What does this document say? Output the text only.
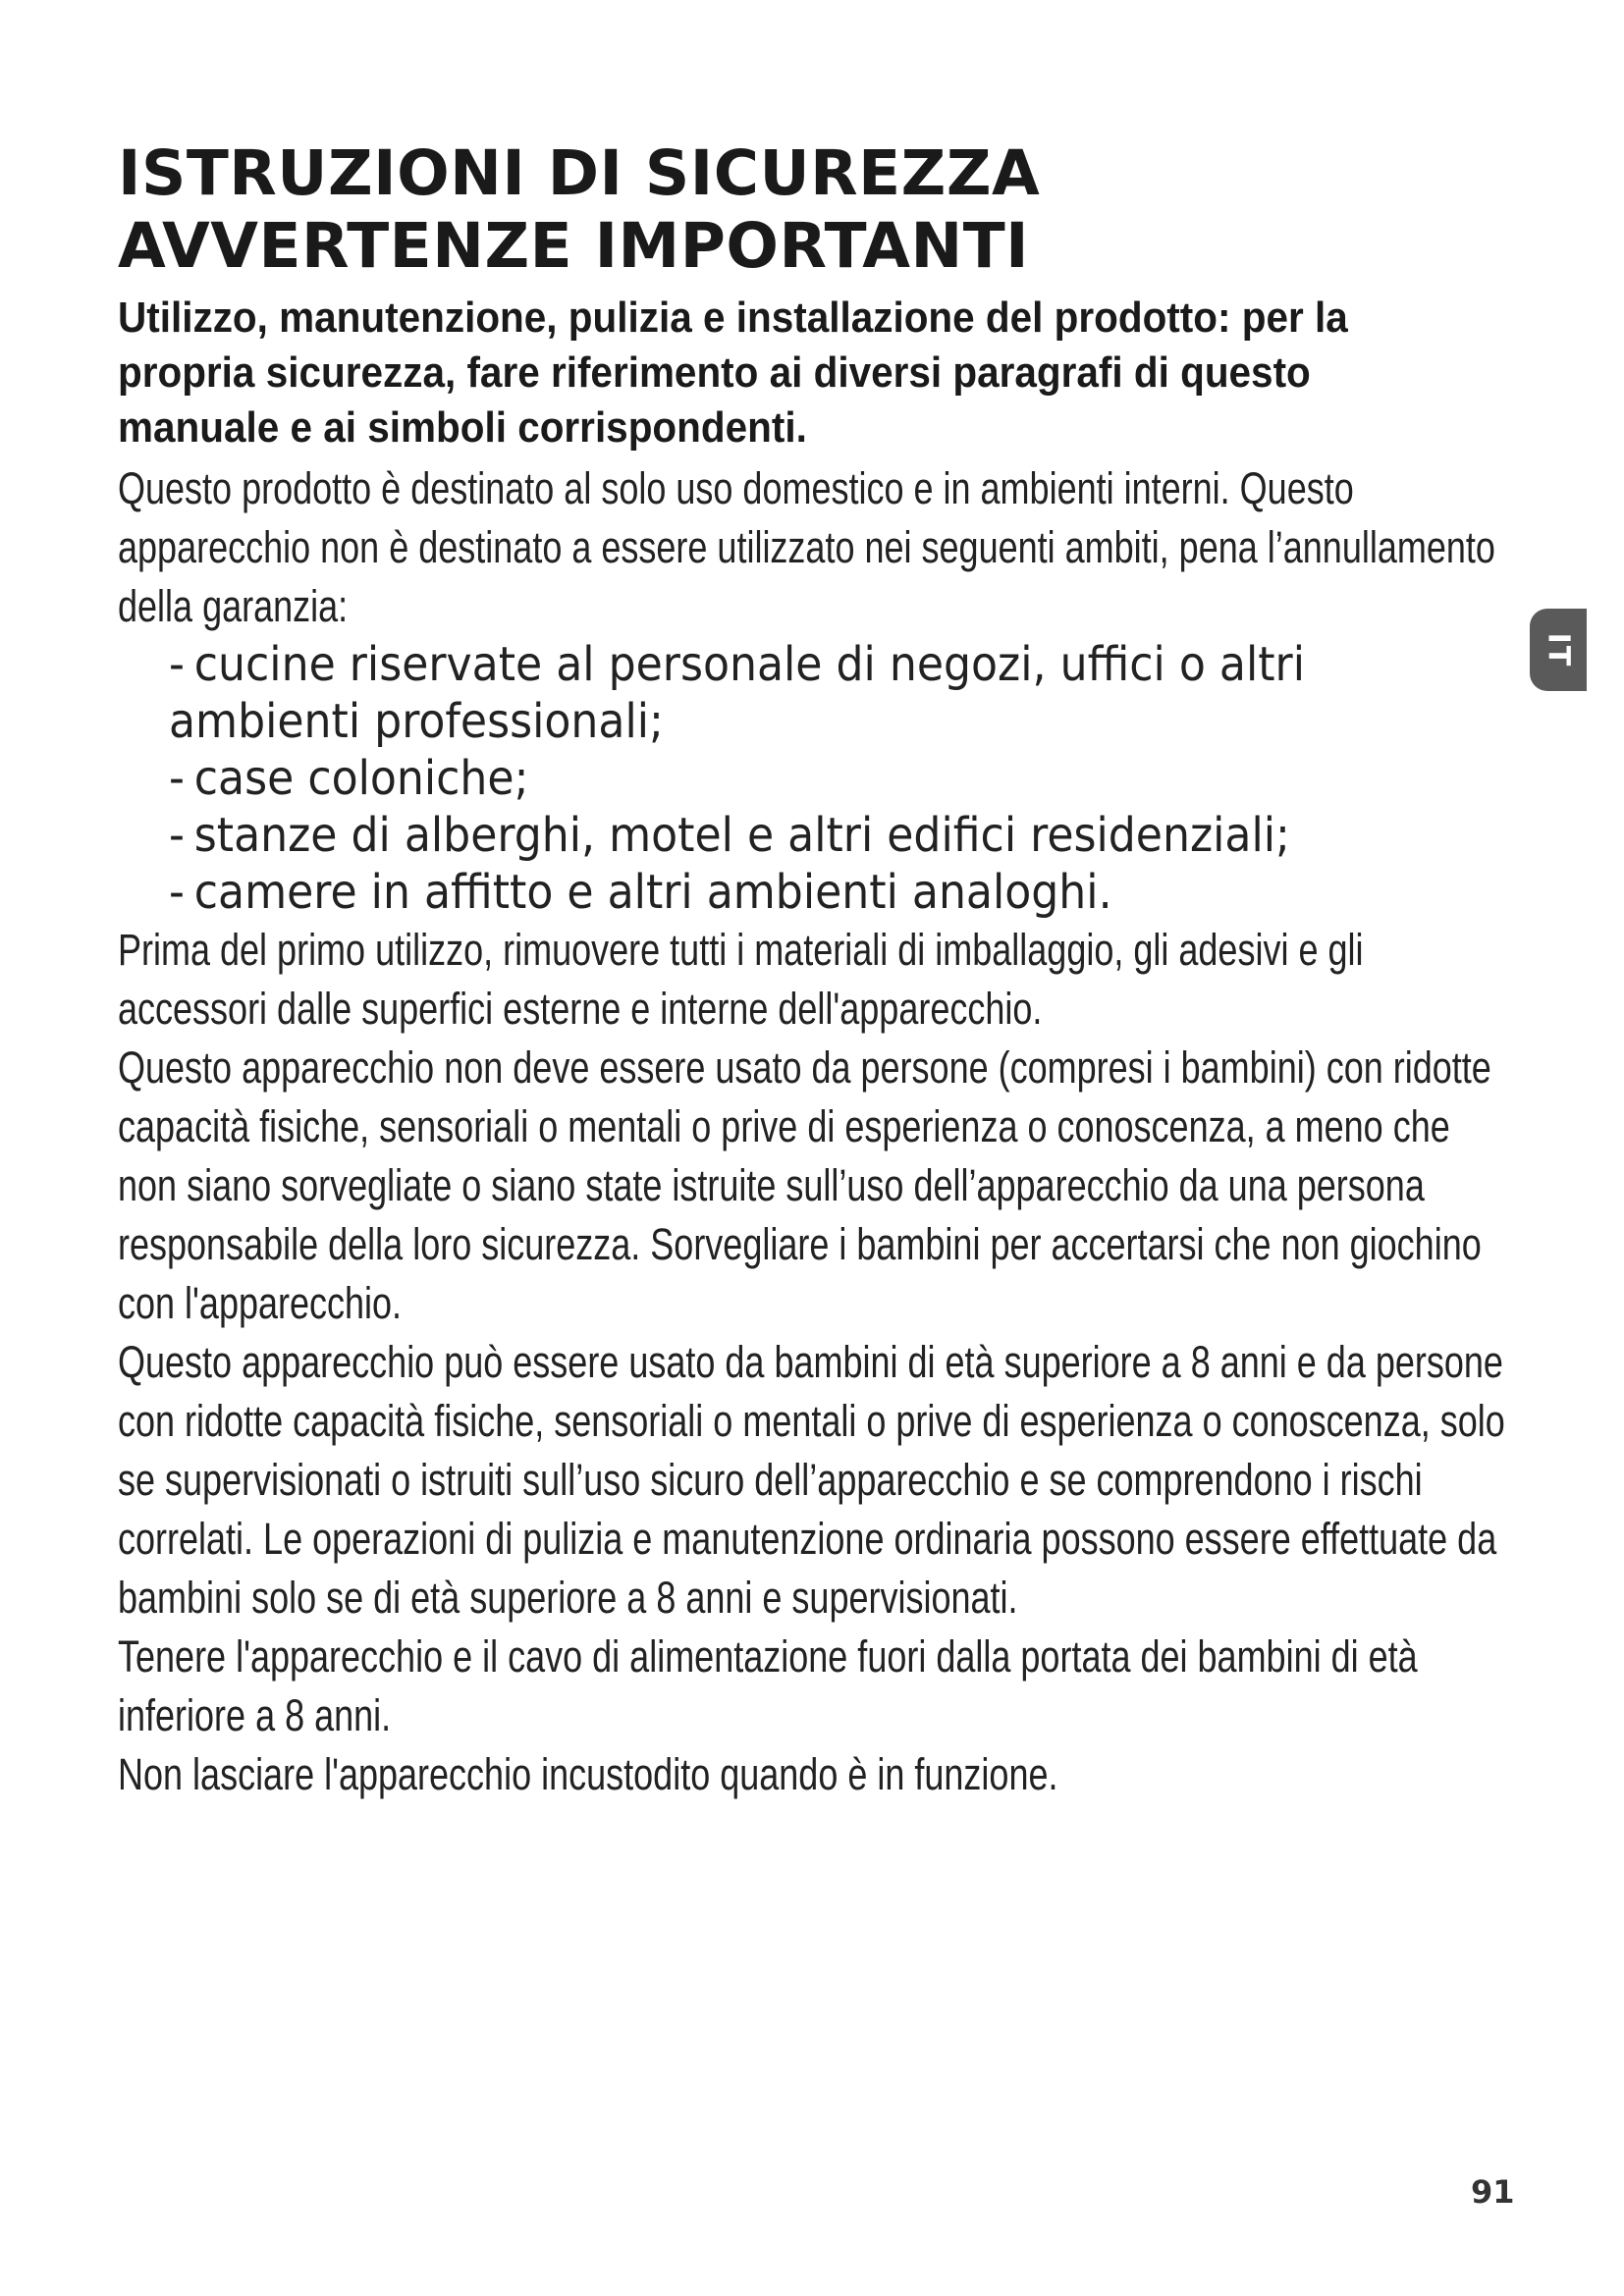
ISTRUZIONI DI SICUREZZA
AVVERTENZE IMPORTANTI

Utilizzo, manutenzione, pulizia e installazione del prodotto: per la propria sicurezza, fare riferimento ai diversi paragrafi di questo manuale e ai simboli corrispondenti.

Questo prodotto è destinato al solo uso domestico e in ambienti interni. Questo apparecchio non è destinato a essere utilizzato nei seguenti ambiti, pena l’annullamento della garanzia:

- cucine riservate al personale di negozi, uffici o altri ambienti professionali;
- case coloniche;
- stanze di alberghi, motel e altri edifici residenziali;
- camere in affitto e altri ambienti analoghi.

Prima del primo utilizzo, rimuovere tutti i materiali di imballaggio, gli adesivi e gli accessori dalle superfici esterne e interne dell'apparecchio.

Questo apparecchio non deve essere usato da persone (compresi i bambini) con ridotte capacità fisiche, sensoriali o mentali o prive di esperienza o conoscenza, a meno che non siano sorvegliate o siano state istruite sull’uso dell’apparecchio da una persona responsabile della loro sicurezza. Sorvegliare i bambini per accertarsi che non giochino con l'apparecchio.

Questo apparecchio può essere usato da bambini di età superiore a 8 anni e da persone con ridotte capacità fisiche, sensoriali o mentali o prive di esperienza o conoscenza, solo se supervisionati o istruiti sull’uso sicuro dell’apparecchio e se comprendono i rischi correlati. Le operazioni di pulizia e manutenzione ordinaria possono essere effettuate da bambini solo se di età superiore a 8 anni e supervisionati.

Tenere l'apparecchio e il cavo di alimentazione fuori dalla portata dei bambini di età inferiore a 8 anni.

Non lasciare l'apparecchio incustodito quando è in funzione.

IT
91
